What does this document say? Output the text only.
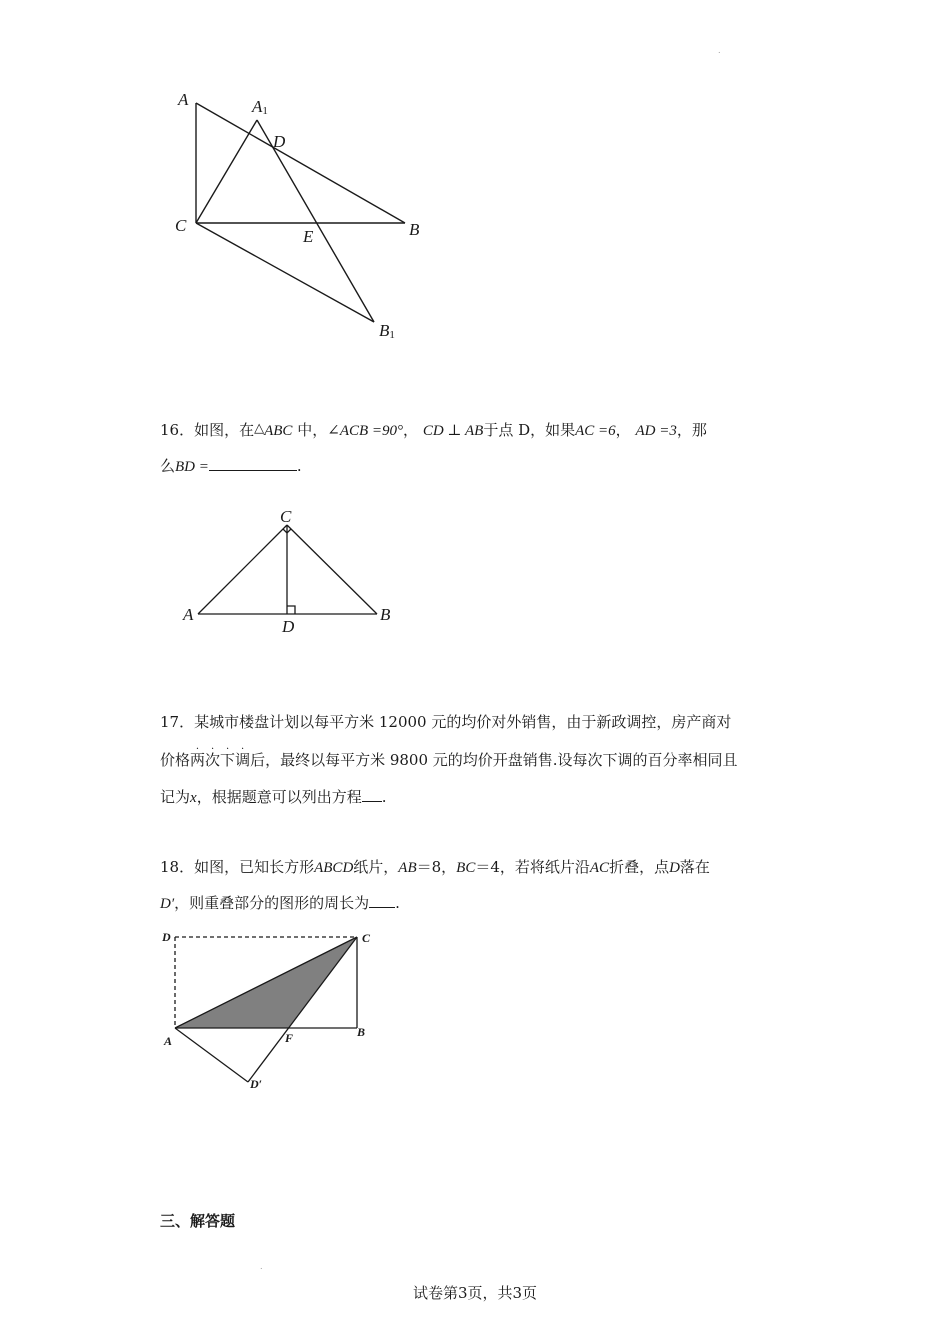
.
.
A	A1
D
C
E	B
B1
16．如图，在△ABC 中，∠ACB =90°， CD ⊥ AB于点 D，如果AC =6， AD =3，那
么BD =	.
C
A
D
B
17．某城市楼盘计划以每平方米 12000 元的均价对外销售，由于新政调控，房产商对
价格
.
两
.
次
.
下
.
调后，最终以每平方米 9800 元的均价开盘销售.设每次下调的百分率相同且
记为x，根据题意可以列出方程 .
18．如图，已知长方形ABCD纸片，AB＝8，BC＝4，若将纸片沿AC折叠，点D落在
D′，则重叠部分的图形的周长为 .
D	C
A	F	B
D′
三、解答题
试卷第3页，共3页
